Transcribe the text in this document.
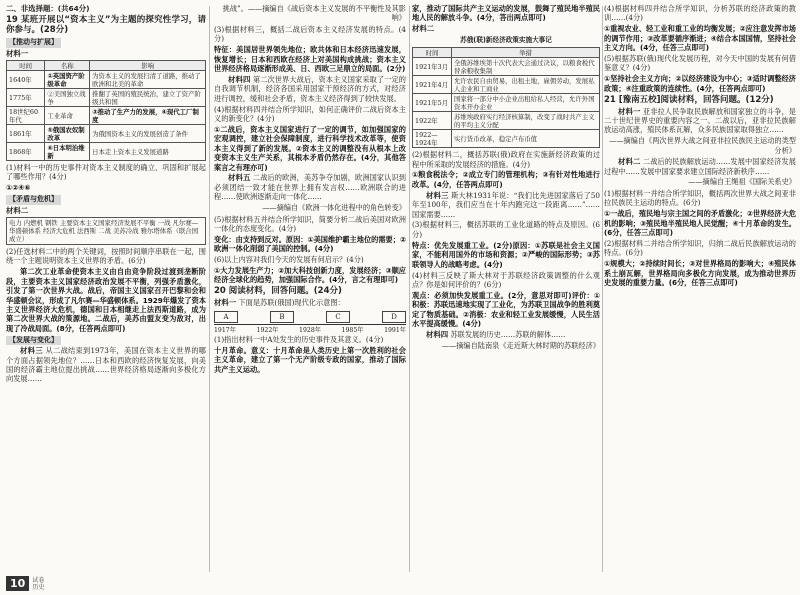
二、非选择题：(共64分)
19 某班开展以“资本主义”为主题的探究性学习，请你参与。(28分)
【推动与扩展】
材料一
时间	名称	影响
1640年	①英国资产阶级革命	为资本主义的发展扫清了道路，推动了欧洲和北美的革命
1775年	②美国独立战争	推翻了英国的殖民统治，建立了资产阶级共和国
18世纪60年代	工业革命	③推动了生产力的发展，④现代工厂制度
1861年	⑤俄国农奴制改革	为俄国资本主义的发展创造了条件
1868年	⑥日本明治维新	日本走上资本主义发展道路
(1)材料一中的历史事件对资本主义制度的确立、巩固和扩展起了哪些作用？(4分)
①②④⑥
【矛盾与危机】
材料二
电力 内燃机 钢铁 主要资本主义国家经济发展不平衡 一战 凡尔赛—华盛顿体系 经济大危机 法西斯 二战 美苏冷战 雅尔塔体系（联合国成立）
(2)任选材料二中的两个关键词，按照时间顺序串联在一起，围绕一个主题说明资本主义世界的矛盾。(6分)
第二次工业革命使资本主义由自由竞争阶段过渡到垄断阶段，主要资本主义国家经济政治发展不平衡，列强矛盾激化，引发了第一次世界大战。战后，帝国主义国家召开巴黎和会和华盛顿会议，形成了凡尔赛—华盛顿体系。1929年爆发了资本主义世界经济大危机，德国和日本相继走上法西斯道路，成为第二次世界大战的策源地。二战后，美苏由盟友变为敌对，出现了冷战局面。(8分，任答两点即可)
【发展与变化】
材料三 从二战结束到1973年，美国在资本主义世界的哪个方面占据领先地位？……日本和西欧的经济恢复发展，向美国的经济霸主地位提出挑战……世界经济格局逐渐向多极化方向发展……
挑战”。——摘编自《战后资本主义发展的不平衡性及其影响》
(3)根据材料三，概括二战后资本主义经济发展的特点。(4分)
特征：美国居世界领先地位；欧共体和日本经济迅速发展，恢复增长；日本和西欧在经济上对美国构成挑战；资本主义世界经济格局逐渐形成美、日、西欧三足鼎立的局面。(2分)
材料四 第二次世界大战后，资本主义国家采取了一定的自我调节机制，经济各国采用国家干预经济的方式，对经济进行调控，缓和社会矛盾，资本主义经济得到了较快发展。
(4)根据材料四并结合所学知识，如何正确评价二战后资本主义的新变化？(4分)
①二战后，资本主义国家进行了一定的调节，如加强国家的宏观调控，建立社会保障制度，进行科学技术改革等，使资本主义得到了新的发展。②资本主义的调整没有从根本上改变资本主义生产关系，其根本矛盾仍然存在。(4分，其他答案言之有理亦可)
材料五 二战后的欧洲，美苏争夺加剧，欧洲国家认识到必须团结一致才能在世界上拥有发言权……欧洲联合的进程……使欧洲逐渐走向一体化……
——摘编自《欧洲一体化进程中的角色转变》
(5)根据材料五并结合所学知识，简要分析二战后美国对欧洲一体化的态度变化。(4分)
变化：由支持到反对。原因：①美国维护霸主地位的需要；②欧洲一体化削弱了美国的控制。(4分)
(6)以上内容对我们今天的发展有何启示？(4分)
①大力发展生产力；②加大科技创新力度，发展经济；③顺应经济全球化的趋势，加强国际合作。(4分，言之有理即可)
20 阅读材料，回答问题。(24分)
材料一 下面是苏联(俄国)现代化示意图：
A	B	C	D
1917年	1922年	1928年	1985年	1991年
(1)指出材料一中A处发生的历史事件及其意义。(4分)
十月革命。意义：十月革命是人类历史上第一次胜利的社会主义革命，建立了第一个无产阶级专政的国家，推动了国际共产主义运动。
家，推动了国际共产主义运动的发展，鼓舞了殖民地半殖民地人民的解放斗争。(4分，答出两点即可)
材料二
苏俄(联)新经济政策实施大事记
时间	举措
1921年3月	全俄苏维埃第十次代表大会通过决议，以粮食税代替余粮收集制
1921年4月	允许农民自由贸易，出租土地，雇佣劳动，发展私人企业和工商业
1921年5月	国家将一部分中小企业出租给私人经营，允许外国资本开办企业
1922年	苏维埃政府实行经济核算制，改变了战时共产主义的平均主义分配
1922—1924年	实行货币改革，稳定卢布币值
(2)根据材料二，概括苏联(俄)政府在实施新经济政策的过程中所采取的发展经济的措施。(4分)
①粮食税法令；②成立专门的管理机构；③有针对性地进行改革。(4分，任答两点即可)
材料三 斯大林1931年说：“我们比先进国家落后了50年至100年，我们应当在十年内跑完这一段距离……”……国家需要……
(3)根据材料三，概括苏联的工业化道路的特点及原因。(6分)
特点：优先发展重工业。(2分)原因：①苏联是社会主义国家，不能利用国外的市场和资源；②严峻的国际形势；③苏联领导人的战略考虑。(4分)
(4)材料三反映了斯大林对于苏联经济政策调整的什么观点？你是如何评价的？(6分)
观点：必须加快发展重工业。(2分，意思对即可)评价：①积极：苏联迅速地实现了工业化，为苏联卫国战争的胜利奠定了物质基础。②消极：农业和轻工业发展缓慢，人民生活水平提高缓慢。(4分)
材料四 苏联发展的历史……苏联的解体……
——摘编自陆南泉《走近斯大林时期的苏联经济》
(4)根据材料四并结合所学知识，分析苏联的经济政策的教训……(4分)
①重视农业、轻工业和重工业的均衡发展；②应注意发挥市场的调节作用；③改革要循序渐进；④结合本国国情，坚持社会主义方向。(4分，任答三点即可)
(5)根据苏联(俄)现代化发展历程，对今天中国的发展有何借鉴意义？(4分)
①坚持社会主义方向；②以经济建设为中心；③适时调整经济政策；④注重政策的连续性。(4分，任答两点即可)
21 [豫南五校]阅读材料，回答问题。(12分)
材料一 亚非拉人民争取民族解放和国家独立的斗争，是二十世纪世界史的重要内容之一。二战以后，亚非拉民族解放运动高涨，殖民体系瓦解，众多民族国家取得独立……
——摘编自《两次世界大战之间亚非拉民族民主运动的类型分析》
材料二 二战后的民族解放运动……发展中国家经济发展过程中……发展中国家要求建立国际经济新秩序……
——摘编自王绳祖《国际关系史》
(1)根据材料一并结合所学知识，概括两次世界大战之间亚非拉民族民主运动的特点。(6分)
①一战后，殖民地与宗主国之间的矛盾激化；②世界经济大危机的影响；③殖民地半殖民地人民觉醒；④十月革命的发生。(6分，任答三点即可)
(2)根据材料二并结合所学知识，归纳二战后民族解放运动的特点。(6分)
①规模大；②持续时间长；③对世界格局的影响大；④殖民体系土崩瓦解，世界格局向多极化方向发展，成为推动世界历史发展的重要力量。(6分，任答三点即可)
10	试卷
历史
